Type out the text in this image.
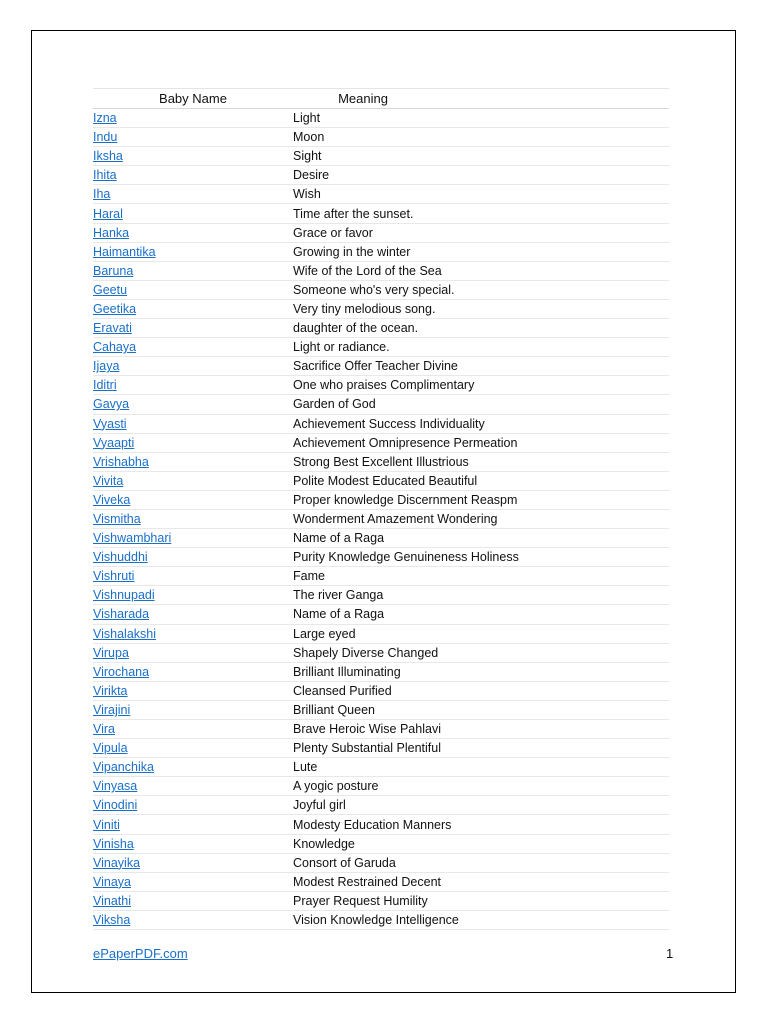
Baby Name	Meaning
Izna	Light
Indu	Moon
Iksha	Sight
Ihita	Desire
Iha	Wish
Haral	Time after the sunset.
Hanka	Grace or favor
Haimantika	Growing in the winter
Baruna	Wife of the Lord of the Sea
Geetu	Someone who's very special.
Geetika	Very tiny melodious song.
Eravati	daughter of the ocean.
Cahaya	Light or radiance.
Ijaya	Sacrifice Offer Teacher Divine
Iditri	One who praises Complimentary
Gavya	Garden of God
Vyasti	Achievement Success Individuality
Vyaapti	Achievement Omnipresence Permeation
Vrishabha	Strong Best Excellent Illustrious
Vivita	Polite Modest Educated Beautiful
Viveka	Proper knowledge Discernment Reaspm
Vismitha	Wonderment Amazement Wondering
Vishwambhari	Name of a Raga
Vishuddhi	Purity Knowledge Genuineness Holiness
Vishruti	Fame
Vishnupadi	The river Ganga
Visharada	Name of a Raga
Vishalakshi	Large eyed
Virupa	Shapely Diverse Changed
Virochana	Brilliant Illuminating
Virikta	Cleansed Purified
Virajini	Brilliant Queen
Vira	Brave Heroic Wise Pahlavi
Vipula	Plenty Substantial Plentiful
Vipanchika	Lute
Vinyasa	A yogic posture
Vinodini	Joyful girl
Viniti	Modesty Education Manners
Vinisha	Knowledge
Vinayika	Consort of Garuda
Vinaya	Modest Restrained Decent
Vinathi	Prayer Request Humility
Viksha	Vision Knowledge Intelligence
ePaperPDF.com	1
